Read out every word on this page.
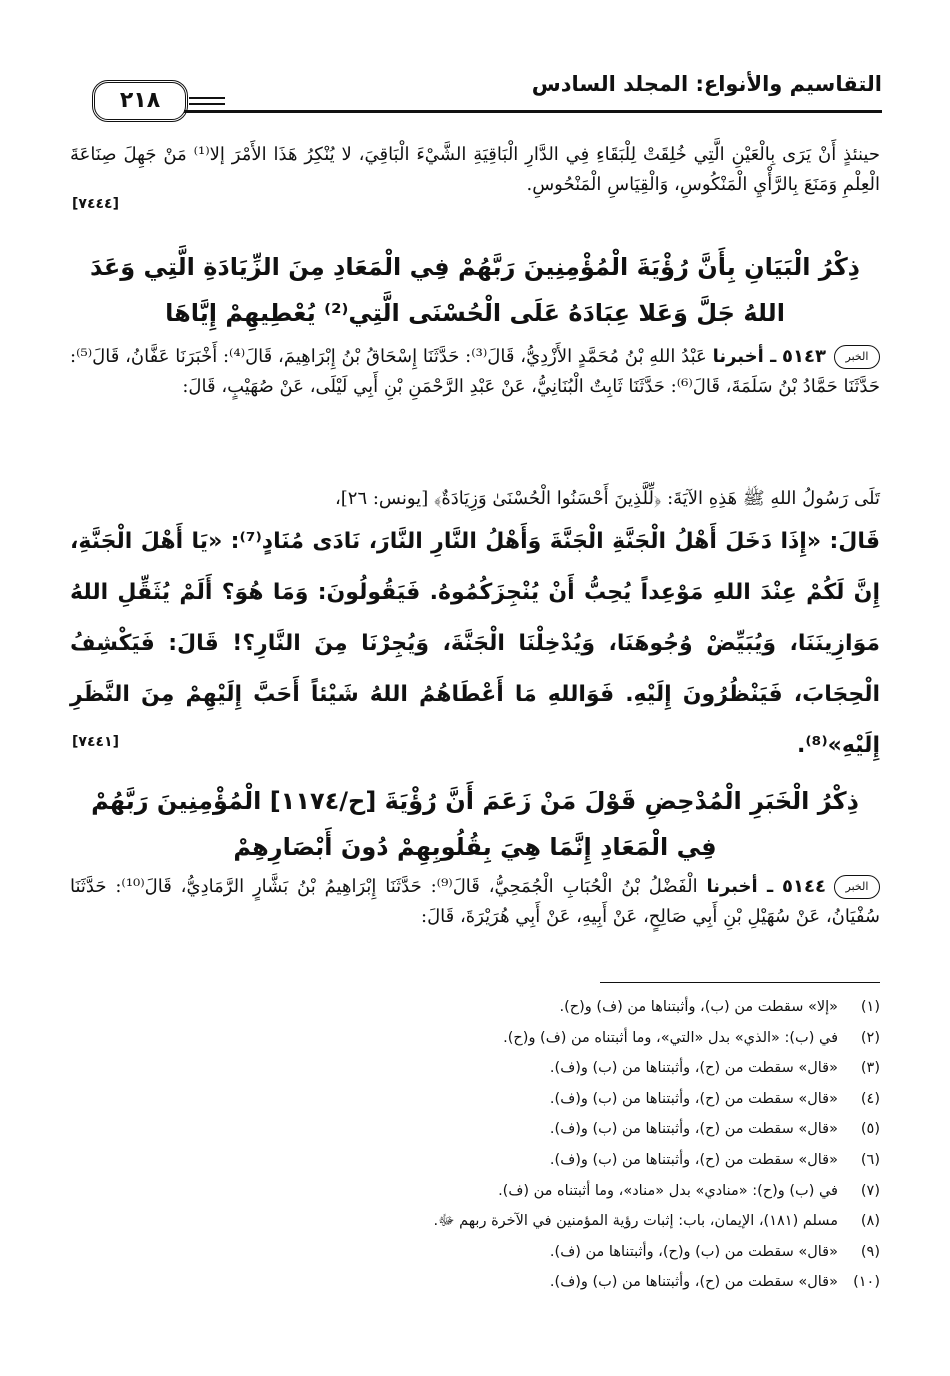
التقاسيم والأنواع: المجلد السادس
٢١٨
حينئذٍ أَنْ يَرَى بِالْعَيْنِ الَّتِي خُلِقَتْ لِلْبَقَاءِ فِي الدَّارِ الْبَاقِيَةِ الشَّيْءَ الْبَاقِيَ، لا يُنْكِرُ هَذَا الأَمْرَ إلا⁽¹⁾ مَنْ جَهِلَ صِنَاعَةَ الْعِلْمِ وَمَنَعَ بِالرَّأْيِ الْمَنْكُوسِ، وَالْقِيَاسِ الْمَنْحُوسِ.
[٧٤٤٤]
ذِكْرُ الْبَيَانِ بِأَنَّ رُؤْيَةَ الْمُؤْمِنِينَ رَبَّهُمْ فِي الْمَعَادِ مِنَ الزِّيَادَةِ الَّتِي وَعَدَ اللهُ جَلَّ وَعَلا عِبَادَهُ عَلَى الْحُسْنَى الَّتِي⁽²⁾ يُعْطِيهِمْ إِيَّاهَا
الخبر٥١٤٣ ـ أخبرنا عَبْدُ اللهِ بْنُ مُحَمَّدٍ الأَزْدِيُّ، قَالَ⁽³⁾: حَدَّثَنَا إِسْحَاقُ بْنُ إِبْرَاهِيمَ، قَالَ⁽⁴⁾: أَخْبَرَنَا عَفَّانُ، قَالَ⁽⁵⁾: حَدَّثَنَا حَمَّادُ بْنُ سَلَمَةَ، قَالَ⁽⁶⁾: حَدَّثَنَا ثَابِتٌ الْبُنَانِيُّ، عَنْ عَبْدِ الرَّحْمَنِ بْنِ أَبِي لَيْلَى، عَنْ صُهَيْبٍ، قَالَ:
تَلَى رَسُولُ اللهِ ﷺ هَذِهِ الآيَةَ: ﴿لِّلَّذِينَ أَحْسَنُوا الْحُسْنَىٰ وَزِيَادَةٌ﴾ [يونس: ٢٦]،
قَالَ: «إِذَا دَخَلَ أَهْلُ الْجَنَّةِ الْجَنَّةَ وَأَهْلُ النَّارِ النَّارَ، نَادَى مُنَادٍ⁽⁷⁾: «يَا أَهْلَ الْجَنَّةِ، إِنَّ لَكُمْ عِنْدَ اللهِ مَوْعِداً يُحِبُّ أَنْ يُنْجِزَكُمُوهُ. فَيَقُولُونَ: وَمَا هُوَ؟ أَلَمْ يُثَقِّلِ اللهُ مَوَازِينَنَا، وَيُبَيِّضْ وُجُوهَنَا، وَيُدْخِلْنَا الْجَنَّةَ، وَيُجِرْنَا مِنَ النَّارِ؟! قَالَ: فَيَكْشِفُ الْحِجَابَ، فَيَنْظُرُونَ إِلَيْهِ. فَوَاللهِ مَا أَعْطَاهُمُ اللهُ شَيْئاً أَحَبَّ إِلَيْهِمْ مِنَ النَّظَرِ إِلَيْهِ»⁽⁸⁾.
[٧٤٤١]
ذِكْرُ الْخَبَرِ الْمُدْحِضِ قَوْلَ مَنْ زَعَمَ أَنَّ رُؤْيَةَ [ح/١١٧٤] الْمُؤْمِنِينَ رَبَّهُمْ فِي الْمَعَادِ إِنَّمَا هِيَ بِقُلُوبِهِمْ دُونَ أَبْصَارِهِمْ
الخبر٥١٤٤ ـ أخبرنا الْفَضْلُ بْنُ الْحُبَابِ الْجُمَحِيُّ، قَالَ⁽⁹⁾: حَدَّثَنَا إِبْرَاهِيمُ بْنُ بَشَّارٍ الرَّمَادِيُّ، قَالَ⁽¹⁰⁾: حَدَّثَنَا سُفْيَانُ، عَنْ سُهَيْلِ بْنِ أَبِي صَالِحٍ، عَنْ أَبِيهِ، عَنْ أَبِي هُرَيْرَةَ، قَالَ:
(١)«إلا» سقطت من (ب)، وأثبتناها من (ف) و(ح).
(٢)في (ب): «الذي» بدل «التي»، وما أثبتناه من (ف) و(ح).
(٣)«قال» سقطت من (ح)، وأثبتناها من (ب) و(ف).
(٤)«قال» سقطت من (ح)، وأثبتناها من (ب) و(ف).
(٥)«قال» سقطت من (ح)، وأثبتناها من (ب) و(ف).
(٦)«قال» سقطت من (ح)، وأثبتناها من (ب) و(ف).
(٧)في (ب) و(ح): «منادي» بدل «مناد»، وما أثبتناه من (ف).
(٨)مسلم (١٨١)، الإيمان، باب: إثبات رؤية المؤمنين في الآخرة ربهم ﷻ.
(٩)«قال» سقطت من (ب) و(ح)، وأثبتناها من (ف).
(١٠)«قال» سقطت من (ح)، وأثبتناها من (ب) و(ف).
